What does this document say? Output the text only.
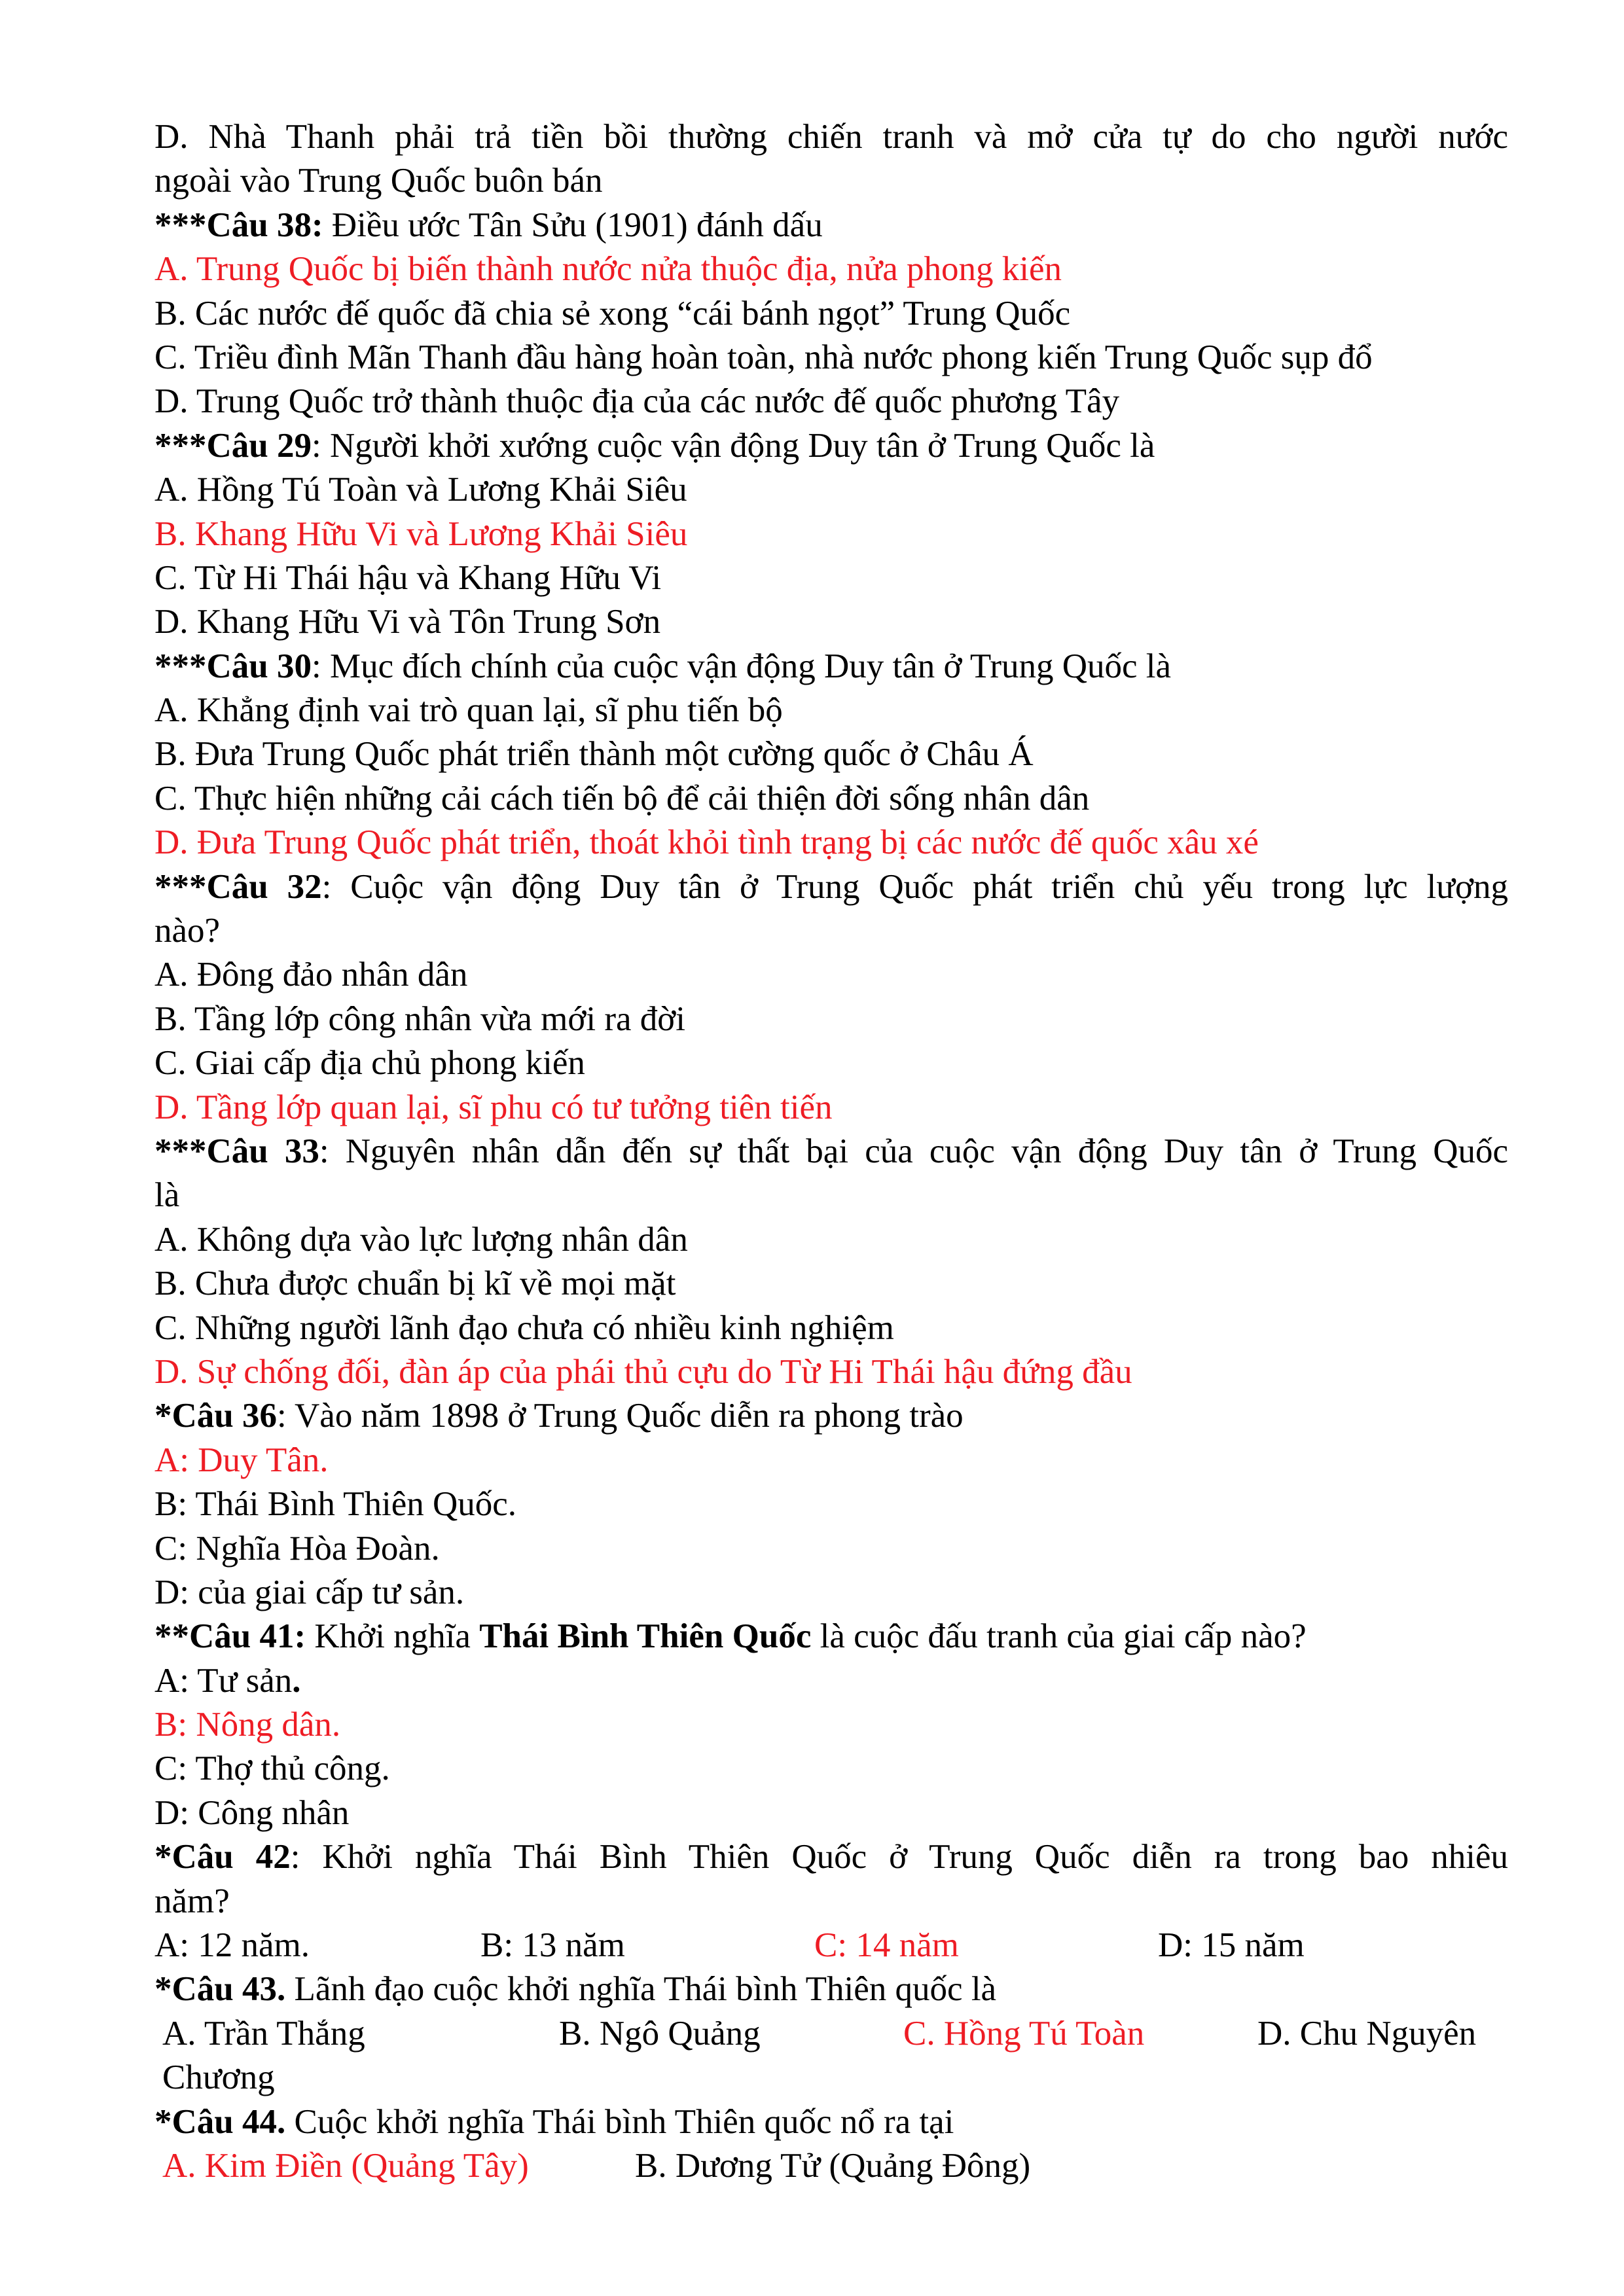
D. Nhà Thanh phải trả tiền bồi thường chiến tranh và mở cửa tự do cho người nước
ngoài vào Trung Quốc buôn bán
***Câu 38: Điều ước Tân Sửu (1901) đánh dấu
A. Trung Quốc bị biến thành nước nửa thuộc địa, nửa phong kiến
B. Các nước đế quốc đã chia sẻ xong “cái bánh ngọt” Trung Quốc
C. Triều đình Mãn Thanh đầu hàng hoàn toàn, nhà nước phong kiến Trung Quốc sụp đổ
D. Trung Quốc trở thành thuộc địa của các nước đế quốc phương Tây
***Câu 29: Người khởi xướng cuộc vận động Duy tân ở Trung Quốc là
A. Hồng Tú Toàn và Lương Khải Siêu
B. Khang Hữu Vi và Lương Khải Siêu
C. Từ Hi Thái hậu và Khang Hữu Vi
D. Khang Hữu Vi và Tôn Trung Sơn
***Câu 30: Mục đích chính của cuộc vận động Duy tân ở Trung Quốc là
A. Khẳng định vai trò quan lại, sĩ phu tiến bộ
B. Đưa Trung Quốc phát triển thành một cường quốc ở Châu Á
C. Thực hiện những cải cách tiến bộ để cải thiện đời sống nhân dân
D. Đưa Trung Quốc phát triển, thoát khỏi tình trạng bị các nước đế quốc xâu xé
***Câu 32: Cuộc vận động Duy tân ở Trung Quốc phát triển chủ yếu trong lực lượng
nào?
A. Đông đảo nhân dân
B. Tầng lớp công nhân vừa mới ra đời
C. Giai cấp địa chủ phong kiến
D. Tầng lớp quan lại, sĩ phu có tư tưởng tiên tiến
***Câu 33: Nguyên nhân dẫn đến sự thất bại của cuộc vận động Duy tân ở Trung Quốc
là
A. Không dựa vào lực lượng nhân dân
B. Chưa được chuẩn bị kĩ về mọi mặt
C. Những người lãnh đạo chưa có nhiều kinh nghiệm
D. Sự chống đối, đàn áp của phái thủ cựu do Từ Hi Thái hậu đứng đầu
*Câu 36: Vào năm 1898 ở Trung Quốc diễn ra phong trào
A: Duy Tân.
B: Thái Bình Thiên Quốc.
C: Nghĩa Hòa Đoàn.
D: của giai cấp tư sản.
**Câu 41: Khởi nghĩa Thái Bình Thiên Quốc là cuộc đấu tranh của giai cấp nào?
A: Tư sản.
B: Nông dân.
C: Thợ thủ công.
D: Công nhân
*Câu 42: Khởi nghĩa Thái Bình Thiên Quốc ở Trung Quốc diễn ra trong bao nhiêu
năm?
A: 12 năm.	B: 13 năm	C: 14 năm	D: 15 năm
*Câu 43. Lãnh đạo cuộc khởi nghĩa Thái bình Thiên quốc là
A. Trần Thắng	B. Ngô Quảng	C. Hồng Tú Toàn	D. Chu Nguyên
Chương
*Câu 44. Cuộc khởi nghĩa Thái bình Thiên quốc nổ ra tại
A. Kim Điền (Quảng Tây)	B. Dương Tử (Quảng Đông)
